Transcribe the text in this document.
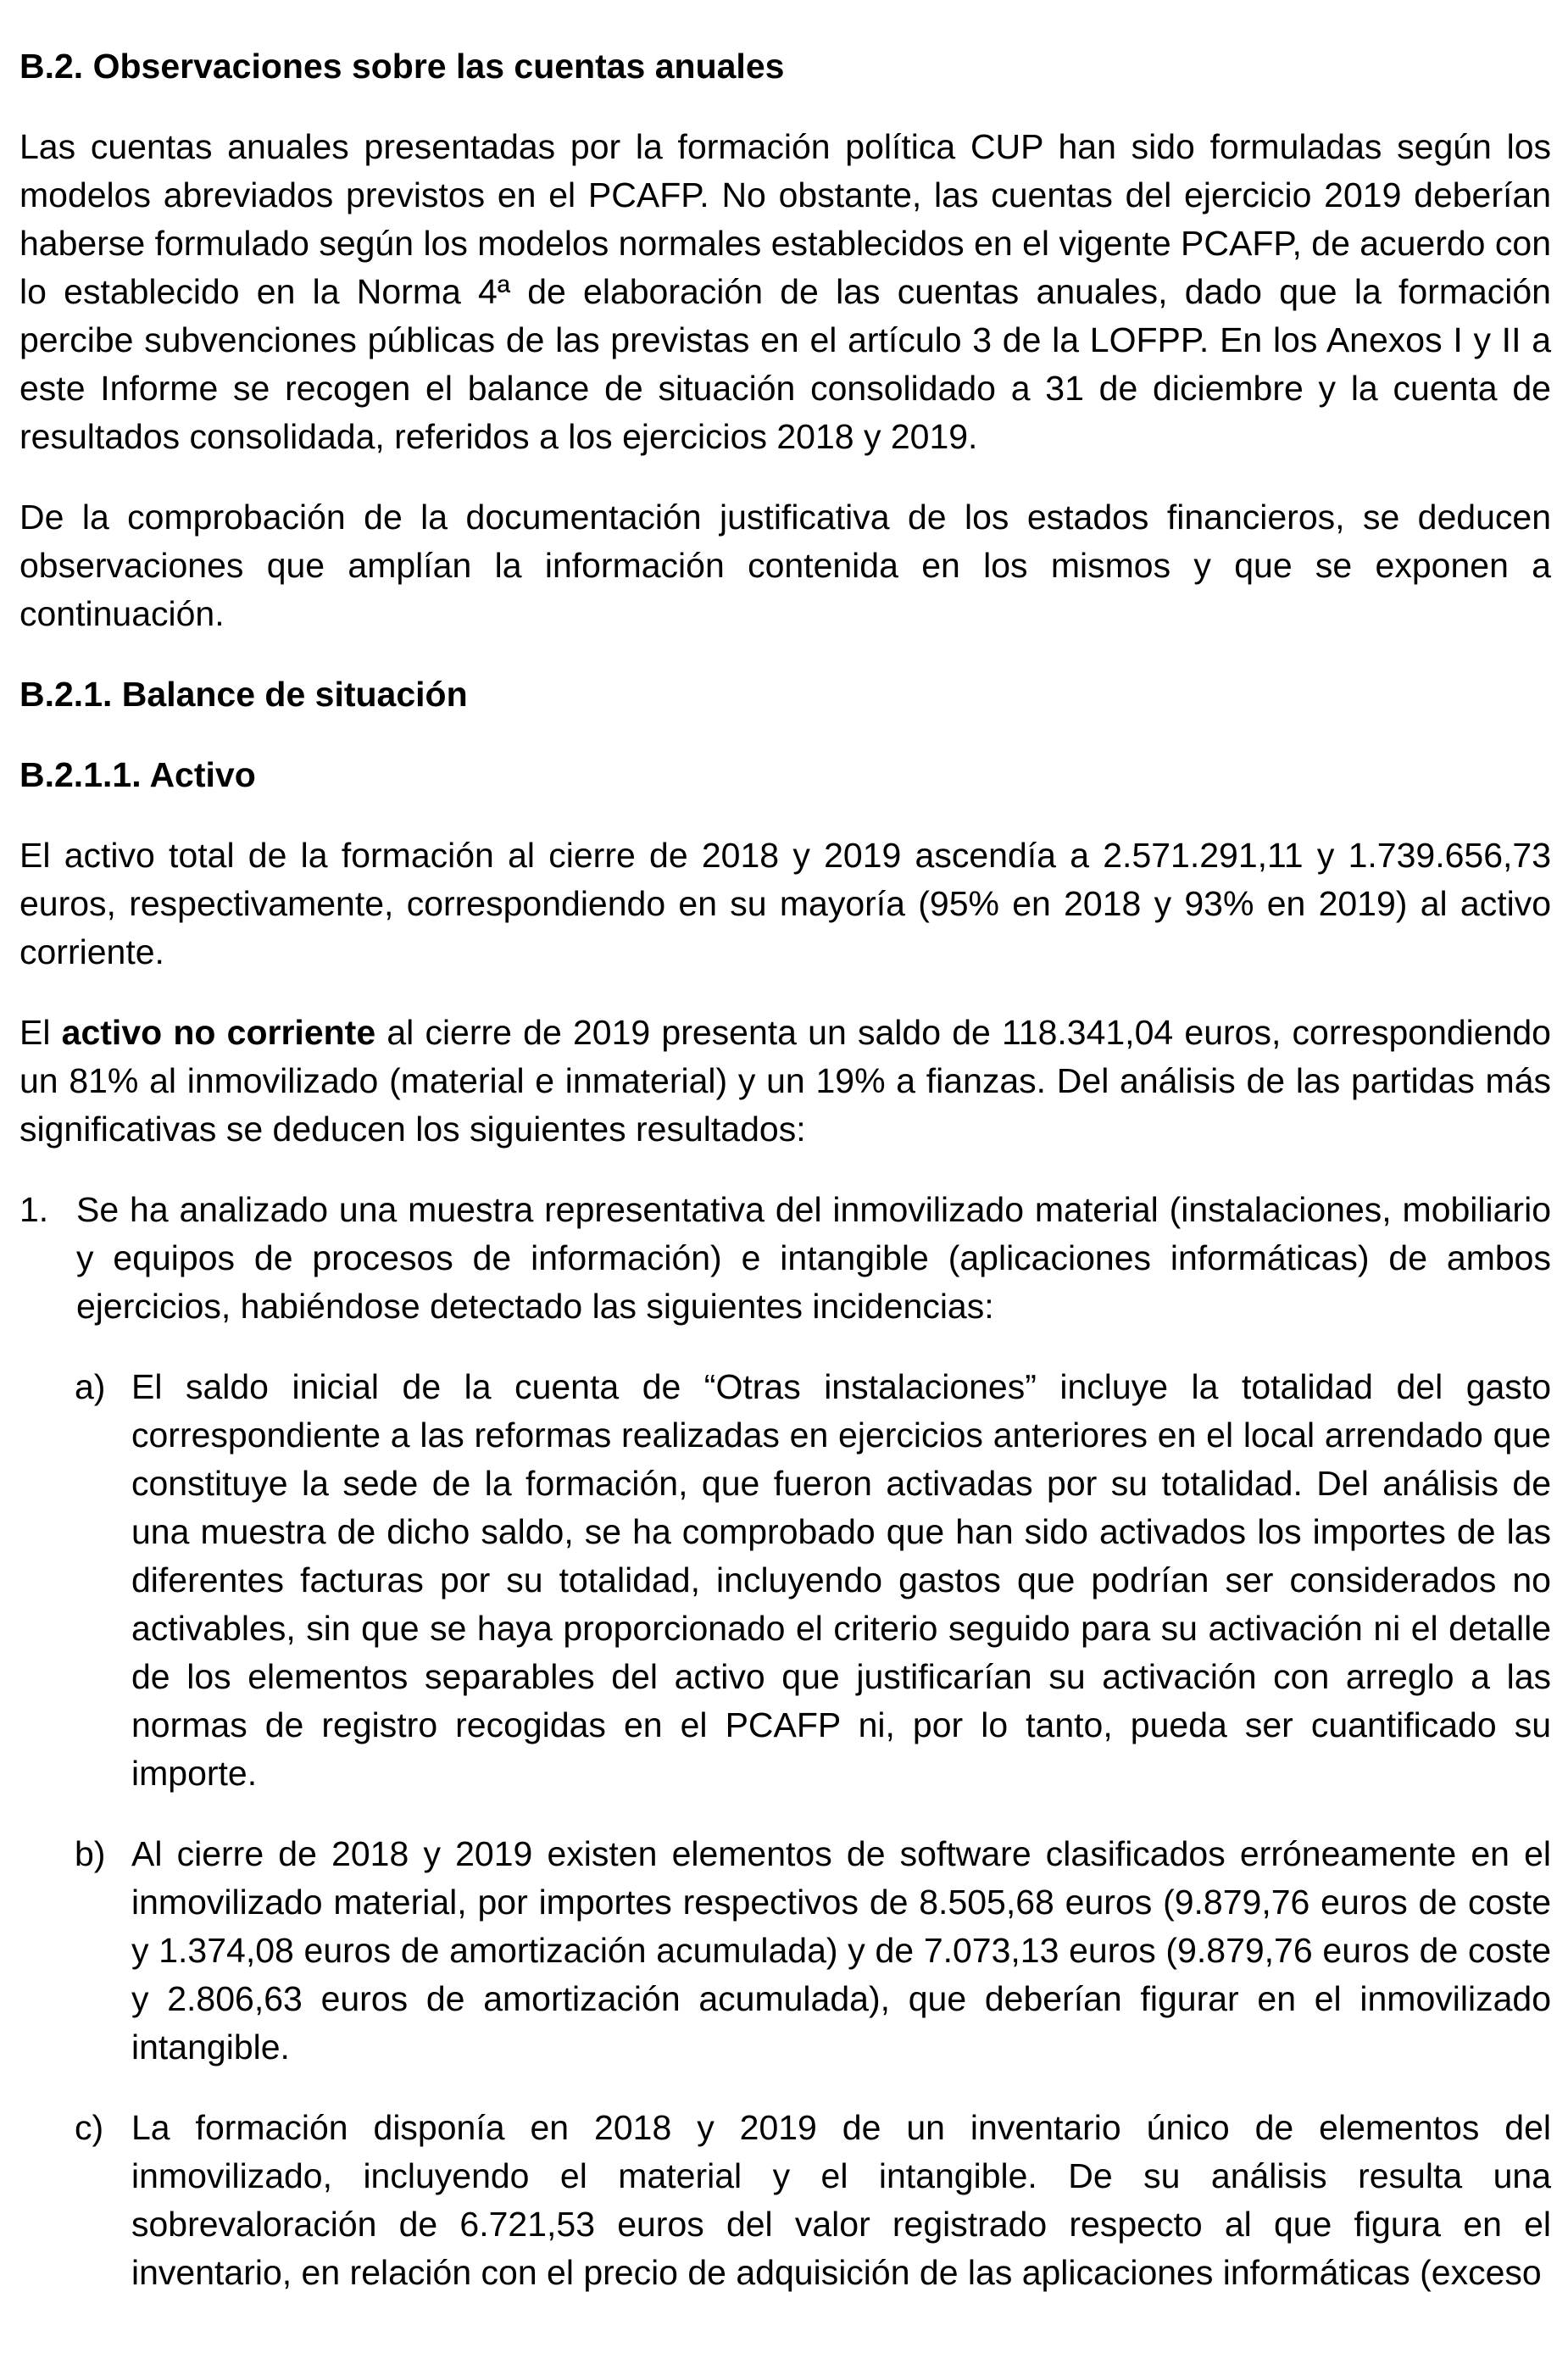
B.2. Observaciones sobre las cuentas anuales

Las cuentas anuales presentadas por la formación política CUP han sido formuladas según los modelos abreviados previstos en el PCAFP. No obstante, las cuentas del ejercicio 2019 deberían haberse formulado según los modelos normales establecidos en el vigente PCAFP, de acuerdo con lo establecido en la Norma 4ª de elaboración de las cuentas anuales, dado que la formación percibe subvenciones públicas de las previstas en el artículo 3 de la LOFPP. En los Anexos I y II a este Informe se recogen el balance de situación consolidado a 31 de diciembre y la cuenta de resultados consolidada, referidos a los ejercicios 2018 y 2019.

De la comprobación de la documentación justificativa de los estados financieros, se deducen observaciones que amplían la información contenida en los mismos y que se exponen a continuación.

B.2.1. Balance de situación
B.2.1.1. Activo

El activo total de la formación al cierre de 2018 y 2019 ascendía a 2.571.291,11 y 1.739.656,73 euros, respectivamente, correspondiendo en su mayoría (95% en 2018 y 93% en 2019) al activo corriente.

El activo no corriente al cierre de 2019 presenta un saldo de 118.341,04 euros, correspondiendo un 81% al inmovilizado (material e inmaterial) y un 19% a fianzas. Del análisis de las partidas más significativas se deducen los siguientes resultados:

1. Se ha analizado una muestra representativa del inmovilizado material (instalaciones, mobiliario y equipos de procesos de información) e intangible (aplicaciones informáticas) de ambos ejercicios, habiéndose detectado las siguientes incidencias:
a) El saldo inicial de la cuenta de “Otras instalaciones” incluye la totalidad del gasto correspondiente a las reformas realizadas en ejercicios anteriores en el local arrendado que constituye la sede de la formación, que fueron activadas por su totalidad. Del análisis de una muestra de dicho saldo, se ha comprobado que han sido activados los importes de las diferentes facturas por su totalidad, incluyendo gastos que podrían ser considerados no activables, sin que se haya proporcionado el criterio seguido para su activación ni el detalle de los elementos separables del activo que justificarían su activación con arreglo a las normas de registro recogidas en el PCAFP ni, por lo tanto, pueda ser cuantificado su importe.
b) Al cierre de 2018 y 2019 existen elementos de software clasificados erróneamente en el inmovilizado material, por importes respectivos de 8.505,68 euros (9.879,76 euros de coste y 1.374,08 euros de amortización acumulada) y de 7.073,13 euros (9.879,76 euros de coste y 2.806,63 euros de amortización acumulada), que deberían figurar en el inmovilizado intangible.
c) La formación disponía en 2018 y 2019 de un inventario único de elementos del inmovilizado, incluyendo el material y el intangible. De su análisis resulta una sobrevaloración de 6.721,53 euros del valor registrado respecto al que figura en el inventario, en relación con el precio de adquisición de las aplicaciones informáticas (exceso
